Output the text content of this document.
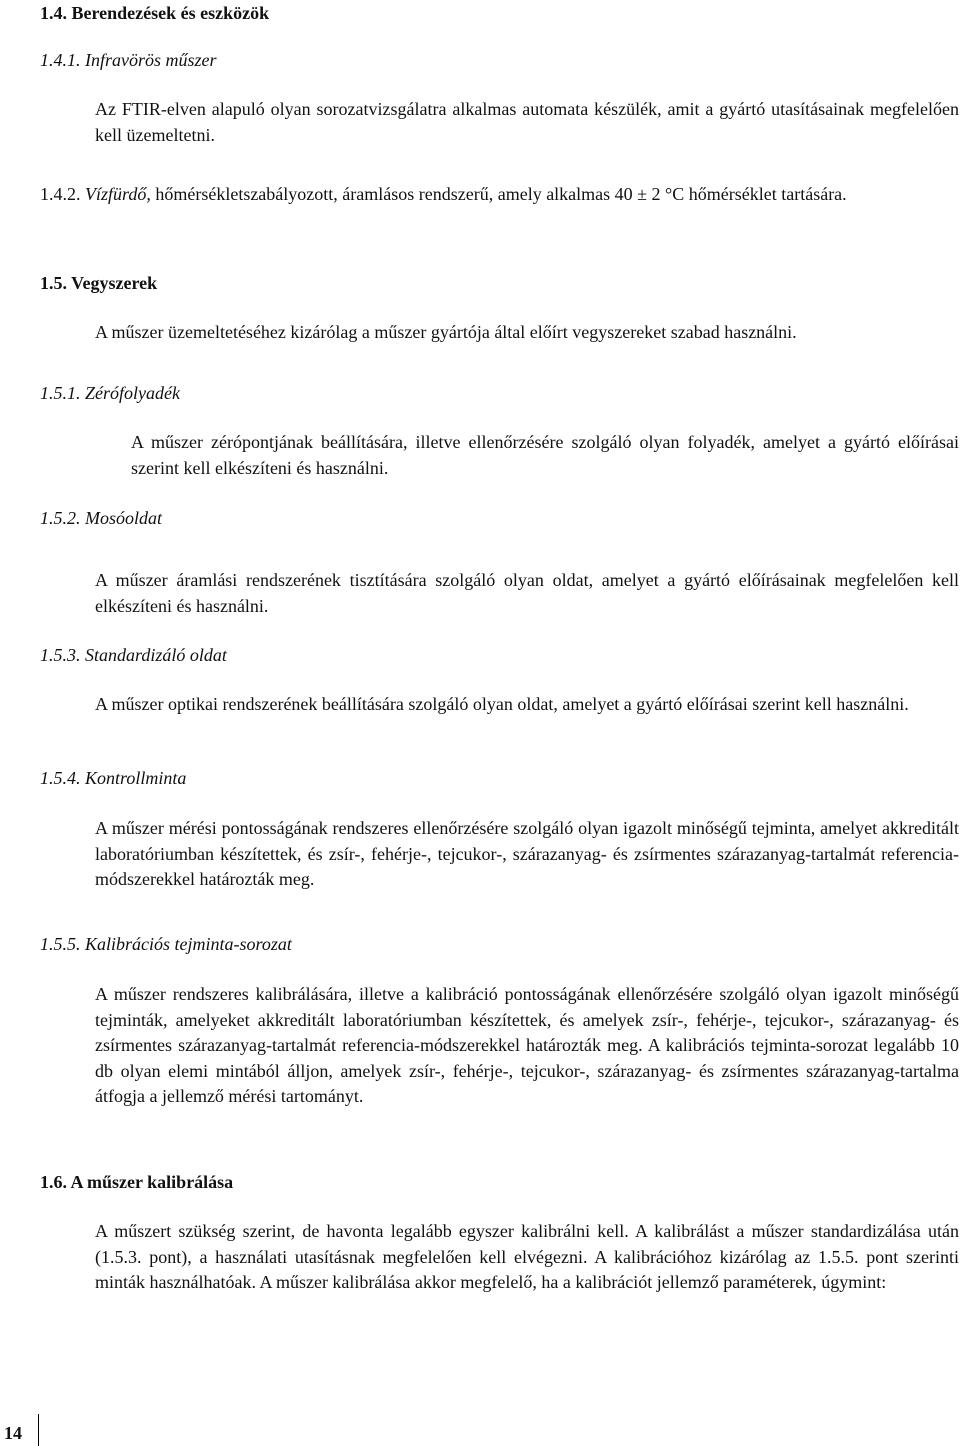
1.4. Berendezések és eszközök
1.4.1. Infravörös műszer

Az FTIR-elven alapuló olyan sorozatvizsgálatra alkalmas automata készülék, amit a gyártó utasításainak megfelelően kell üzemeltetni.

1.4.2. Vízfürdő, hőmérsékletszabályozott, áramlásos rendszerű, amely alkalmas 40 ± 2 °C hőmérséklet tartására.

1.5. Vegyszerek
A műszer üzemeltetéséhez kizárólag a műszer gyártója által előírt vegyszereket szabad használni.
1.5.1. Zérófolyadék

A műszer zérópontjának beállítására, illetve ellenőrzésére szolgáló olyan folyadék, amelyet a gyártó előírásai szerint kell elkészíteni és használni.

1.5.2. Mosóoldat

A műszer áramlási rendszerének tisztítására szolgáló olyan oldat, amelyet a gyártó előírásainak megfelelően kell elkészíteni és használni.

1.5.3. Standardizáló oldat

A műszer optikai rendszerének beállítására szolgáló olyan oldat, amelyet a gyártó előírásai szerint kell használni.

1.5.4. Kontrollminta

A műszer mérési pontosságának rendszeres ellenőrzésére szolgáló olyan igazolt minőségű tejminta, amelyet akkreditált laboratóriumban készítettek, és zsír-, fehérje-, tejcukor-, szárazanyag- és zsírmentes szárazanyag-tartalmát referencia-módszerekkel határozták meg.

1.5.5. Kalibrációs tejminta-sorozat

A műszer rendszeres kalibrálására, illetve a kalibráció pontosságának ellenőrzésére szolgáló olyan igazolt minőségű tejminták, amelyeket akkreditált laboratóriumban készítettek, és amelyek zsír-, fehérje-, tejcukor-, szárazanyag- és zsírmentes szárazanyag-tartalmát referencia-módszerekkel határozták meg. A kalibrációs tejminta-sorozat legalább 10 db olyan elemi mintából álljon, amelyek zsír-, fehérje-, tejcukor-, szárazanyag- és zsírmentes szárazanyag-tartalma átfogja a jellemző mérési tartományt.

1.6. A műszer kalibrálása

A műszert szükség szerint, de havonta legalább egyszer kalibrálni kell. A kalibrálást a műszer standardizálása után (1.5.3. pont), a használati utasításnak megfelelően kell elvégezni. A kalibrációhoz kizárólag az 1.5.5. pont szerinti minták használhatóak. A műszer kalibrálása akkor megfelelő, ha a kalibrációt jellemző paraméterek, úgymint:

14
